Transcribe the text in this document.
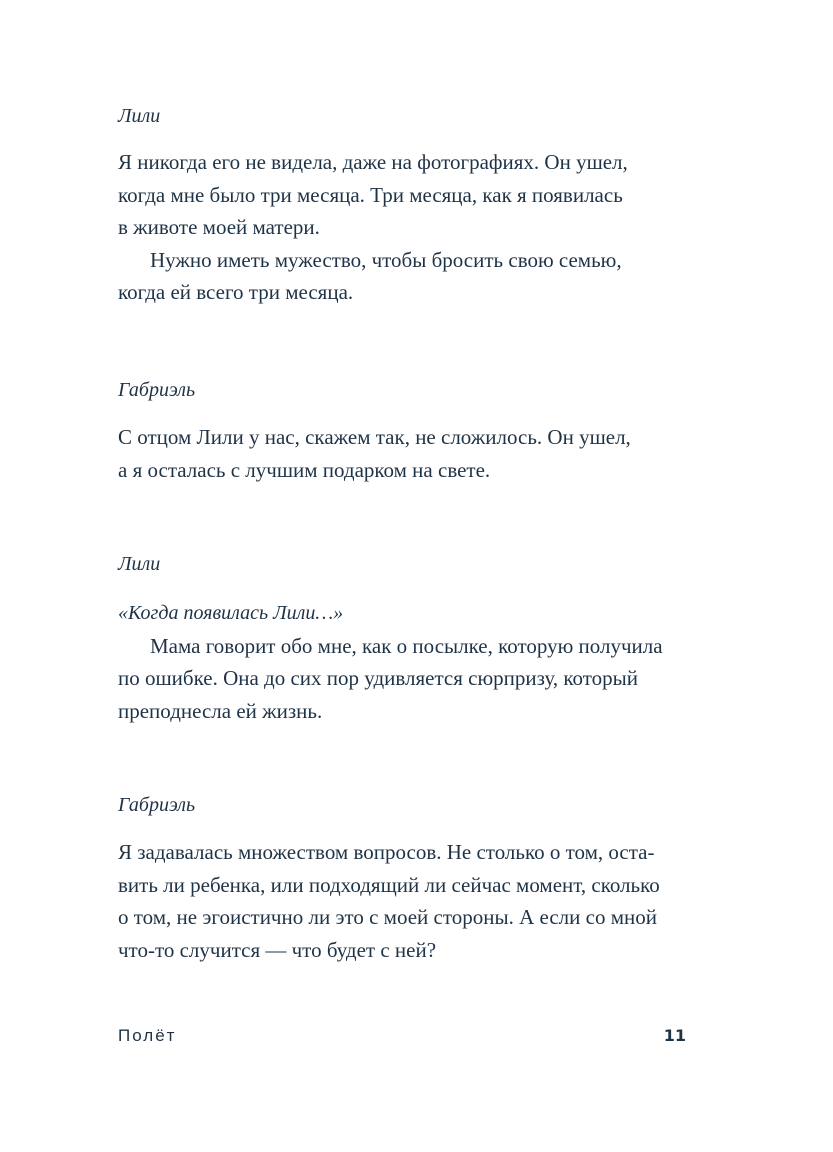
Лили

Я никогда его не видела, даже на фотографиях. Он ушел,
когда мне было три месяца. Три месяца, как я появилась
в животе моей матери.
Нужно иметь мужество, чтобы бросить свою семью,
когда ей всего три месяца.

Габриэль

С отцом Лили у нас, скажем так, не сложилось. Он ушел,
а я осталась с лучшим подарком на свете.

Лили

«Когда появилась Лили…»
Мама говорит обо мне, как о посылке, которую получила
по ошибке. Она до сих пор удивляется сюрпризу, который
преподнесла ей жизнь.

Габриэль

Я задавалась множеством вопросов. Не столько о том, оста-
вить ли ребенка, или подходящий ли сейчас момент, сколько
о том, не эгоистично ли это с моей стороны. А если со мной
что-то случится — что будет с ней?
Полёт	11
